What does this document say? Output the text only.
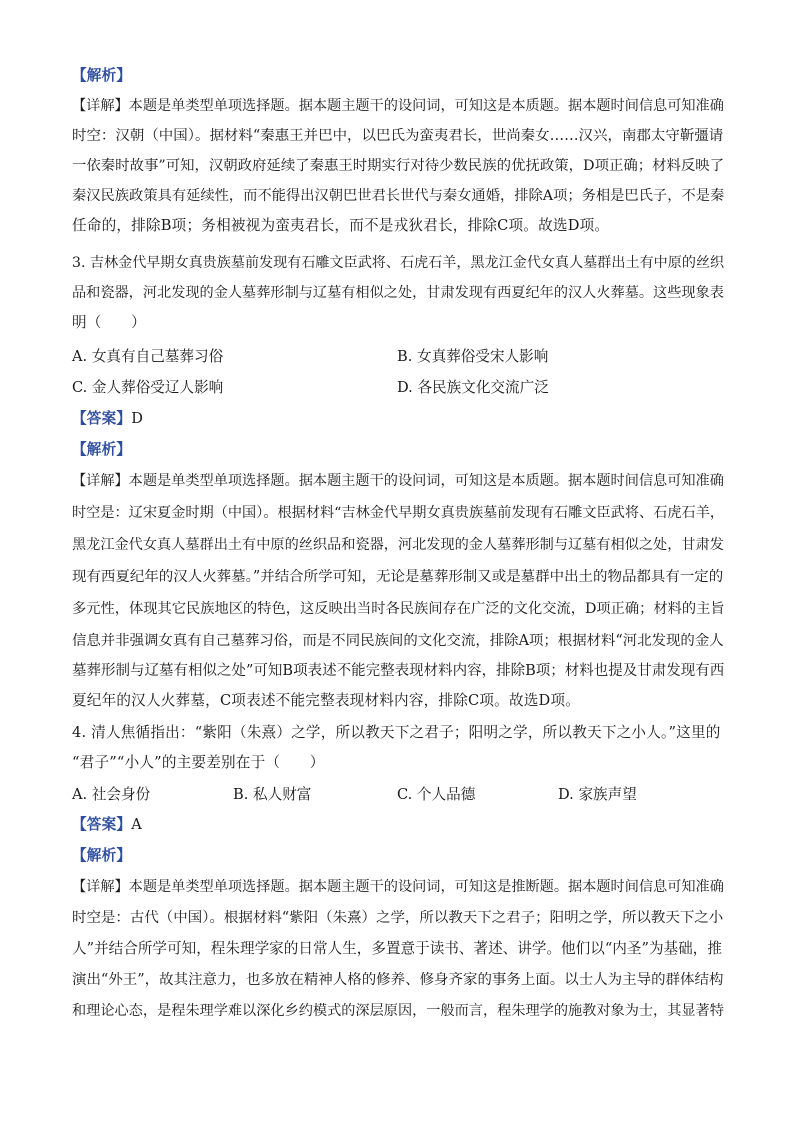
【解析】
【详解】本题是单类型单项选择题。据本题主题干的设问词，可知这是本质题。据本题时间信息可知准确
时空：汉朝（中国）。据材料“秦惠王并巴中，以巴氏为蛮夷君长，世尚秦女……汉兴，南郡太守靳彊请
一依秦时故事”可知，汉朝政府延续了秦惠王时期实行对待少数民族的优抚政策，D项正确；材料反映了
秦汉民族政策具有延续性，而不能得出汉朝巴世君长世代与秦女通婚，排除A项；务相是巴氏子，不是秦
任命的，排除B项；务相被视为蛮夷君长，而不是戎狄君长，排除C项。故选D项。
3. 吉林金代早期女真贵族墓前发现有石雕文臣武将、石虎石羊，黑龙江金代女真人墓群出土有中原的丝织
品和瓷器，河北发现的金人墓葬形制与辽墓有相似之处，甘肃发现有西夏纪年的汉人火葬墓。这些现象表
明（　　）
A. 女真有自己墓葬习俗	B. 女真葬俗受宋人影响
C. 金人葬俗受辽人影响	D. 各民族文化交流广泛
【答案】D
【解析】
【详解】本题是单类型单项选择题。据本题主题干的设问词，可知这是本质题。据本题时间信息可知准确
时空是：辽宋夏金时期（中国）。根据材料“吉林金代早期女真贵族墓前发现有石雕文臣武将、石虎石羊，
黑龙江金代女真人墓群出土有中原的丝织品和瓷器，河北发现的金人墓葬形制与辽墓有相似之处，甘肃发
现有西夏纪年的汉人火葬墓。”并结合所学可知，无论是墓葬形制又或是墓群中出土的物品都具有一定的
多元性，体现其它民族地区的特色，这反映出当时各民族间存在广泛的文化交流，D项正确；材料的主旨
信息并非强调女真有自己墓葬习俗，而是不同民族间的文化交流，排除A项；根据材料“河北发现的金人
墓葬形制与辽墓有相似之处”可知B项表述不能完整表现材料内容，排除B项；材料也提及甘肃发现有西
夏纪年的汉人火葬墓，C项表述不能完整表现材料内容，排除C项。故选D项。
4. 清人焦循指出：“紫阳（朱熹）之学，所以教天下之君子；阳明之学，所以教天下之小人。”这里的
“君子”“小人”的主要差别在于（　　）
A. 社会身份	B. 私人财富	C. 个人品德	D. 家族声望
【答案】A
【解析】
【详解】本题是单类型单项选择题。据本题主题干的设问词，可知这是推断题。据本题时间信息可知准确
时空是：古代（中国）。根据材料“紫阳（朱熹）之学，所以教天下之君子；阳明之学，所以教天下之小
人”并结合所学可知，程朱理学家的日常人生，多置意于读书、著述、讲学。他们以“内圣”为基础，推
演出“外王”，故其注意力，也多放在精神人格的修养、修身齐家的事务上面。以士人为主导的群体结构
和理论心态，是程朱理学难以深化乡约模式的深层原因，一般而言，程朱理学的施教对象为士，其显著特
